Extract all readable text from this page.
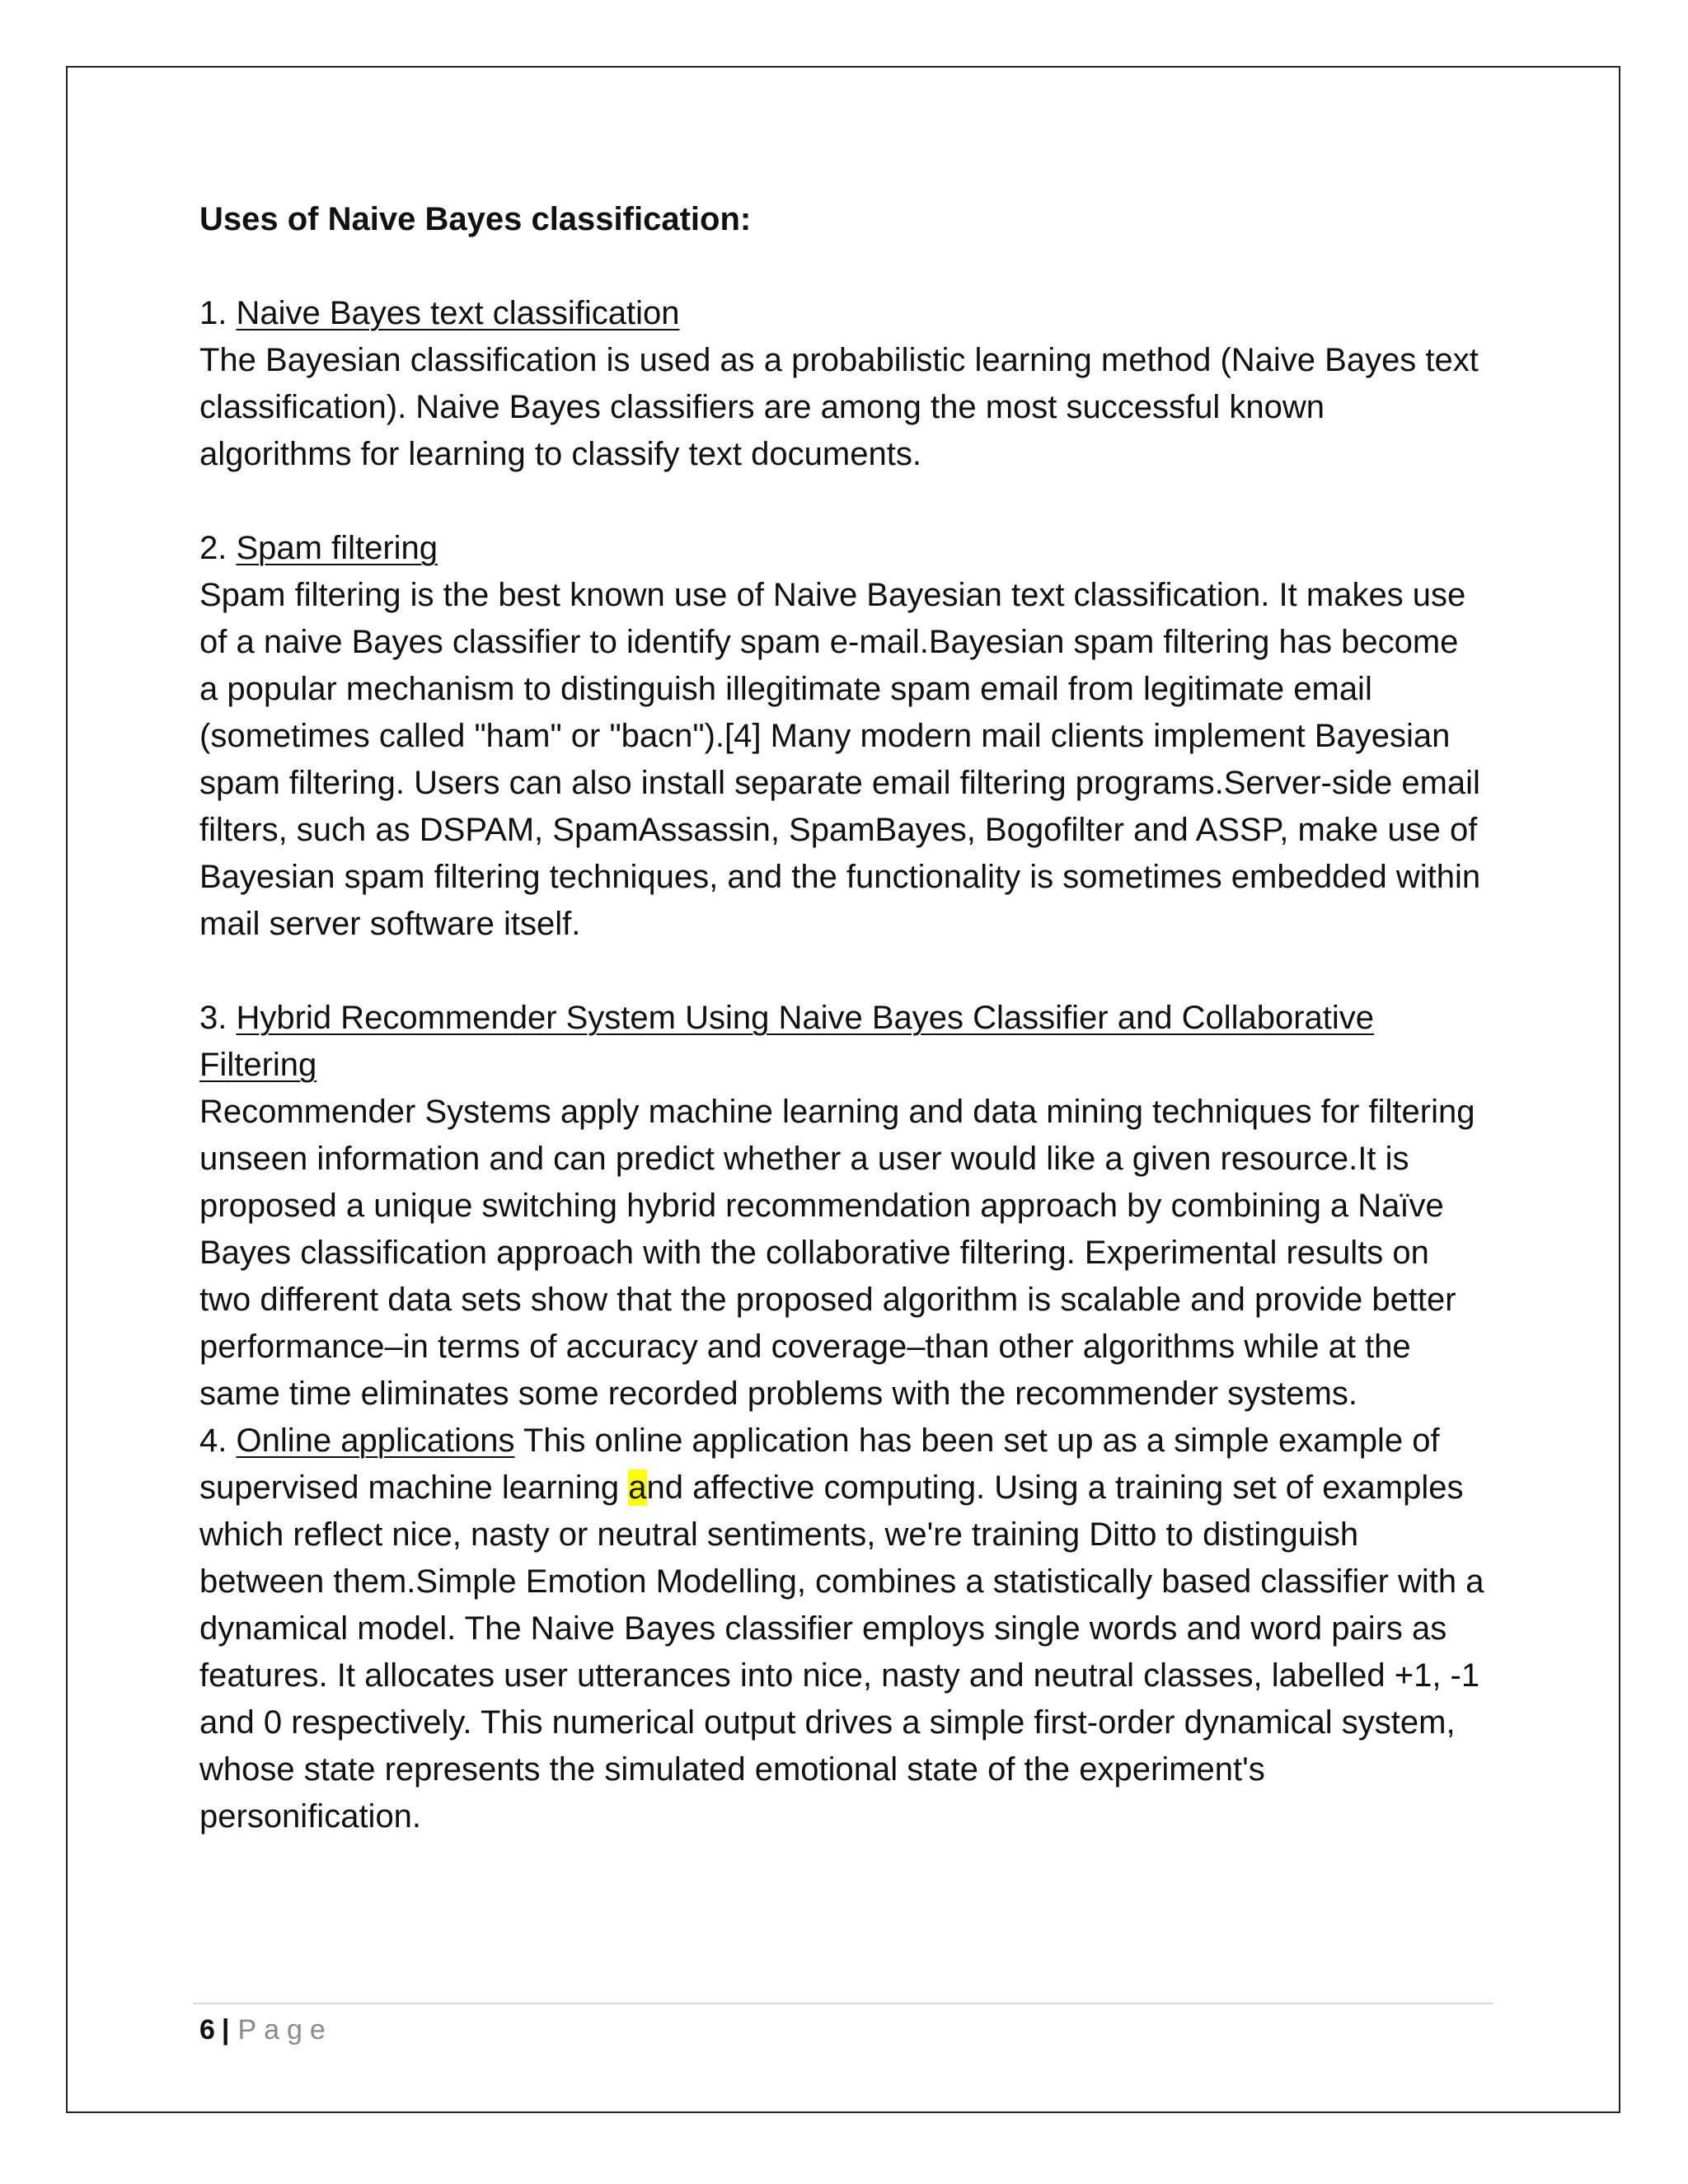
Uses of Naive Bayes classification:

1. Naive Bayes text classification

The Bayesian classification is used as a probabilistic learning method (Naive Bayes text classification). Naive Bayes classifiers are among the most successful known algorithms for learning to classify text documents.

2. Spam filtering

Spam filtering is the best known use of Naive Bayesian text classification. It makes use of a naive Bayes classifier to identify spam e-mail.Bayesian spam filtering has become a popular mechanism to distinguish illegitimate spam email from legitimate email (sometimes called "ham" or "bacn").[4] Many modern mail clients implement Bayesian spam filtering. Users can also install separate email filtering programs.Server-side email filters, such as DSPAM, SpamAssassin, SpamBayes, Bogofilter and ASSP, make use of Bayesian spam filtering techniques, and the functionality is sometimes embedded within mail server software itself.

3. Hybrid Recommender System Using Naive Bayes Classifier and Collaborative Filtering

Recommender Systems apply machine learning and data mining techniques for filtering unseen information and can predict whether a user would like a given resource.It is proposed a unique switching hybrid recommendation approach by combining a Naïve Bayes classification approach with the collaborative filtering. Experimental results on two different data sets show that the proposed algorithm is scalable and provide better performance–in terms of accuracy and coverage–than other algorithms while at the same time eliminates some recorded problems with the recommender systems.

4. Online applications This online application has been set up as a simple example of supervised machine learning and affective computing. Using a training set of examples which reflect nice, nasty or neutral sentiments, we're training Ditto to distinguish between them.Simple Emotion Modelling, combines a statistically based classifier with a dynamical model. The Naive Bayes classifier employs single words and word pairs as features. It allocates user utterances into nice, nasty and neutral classes, labelled +1, -1 and 0 respectively. This numerical output drives a simple first-order dynamical system, whose state represents the simulated emotional state of the experiment's personification.

6 | Page
